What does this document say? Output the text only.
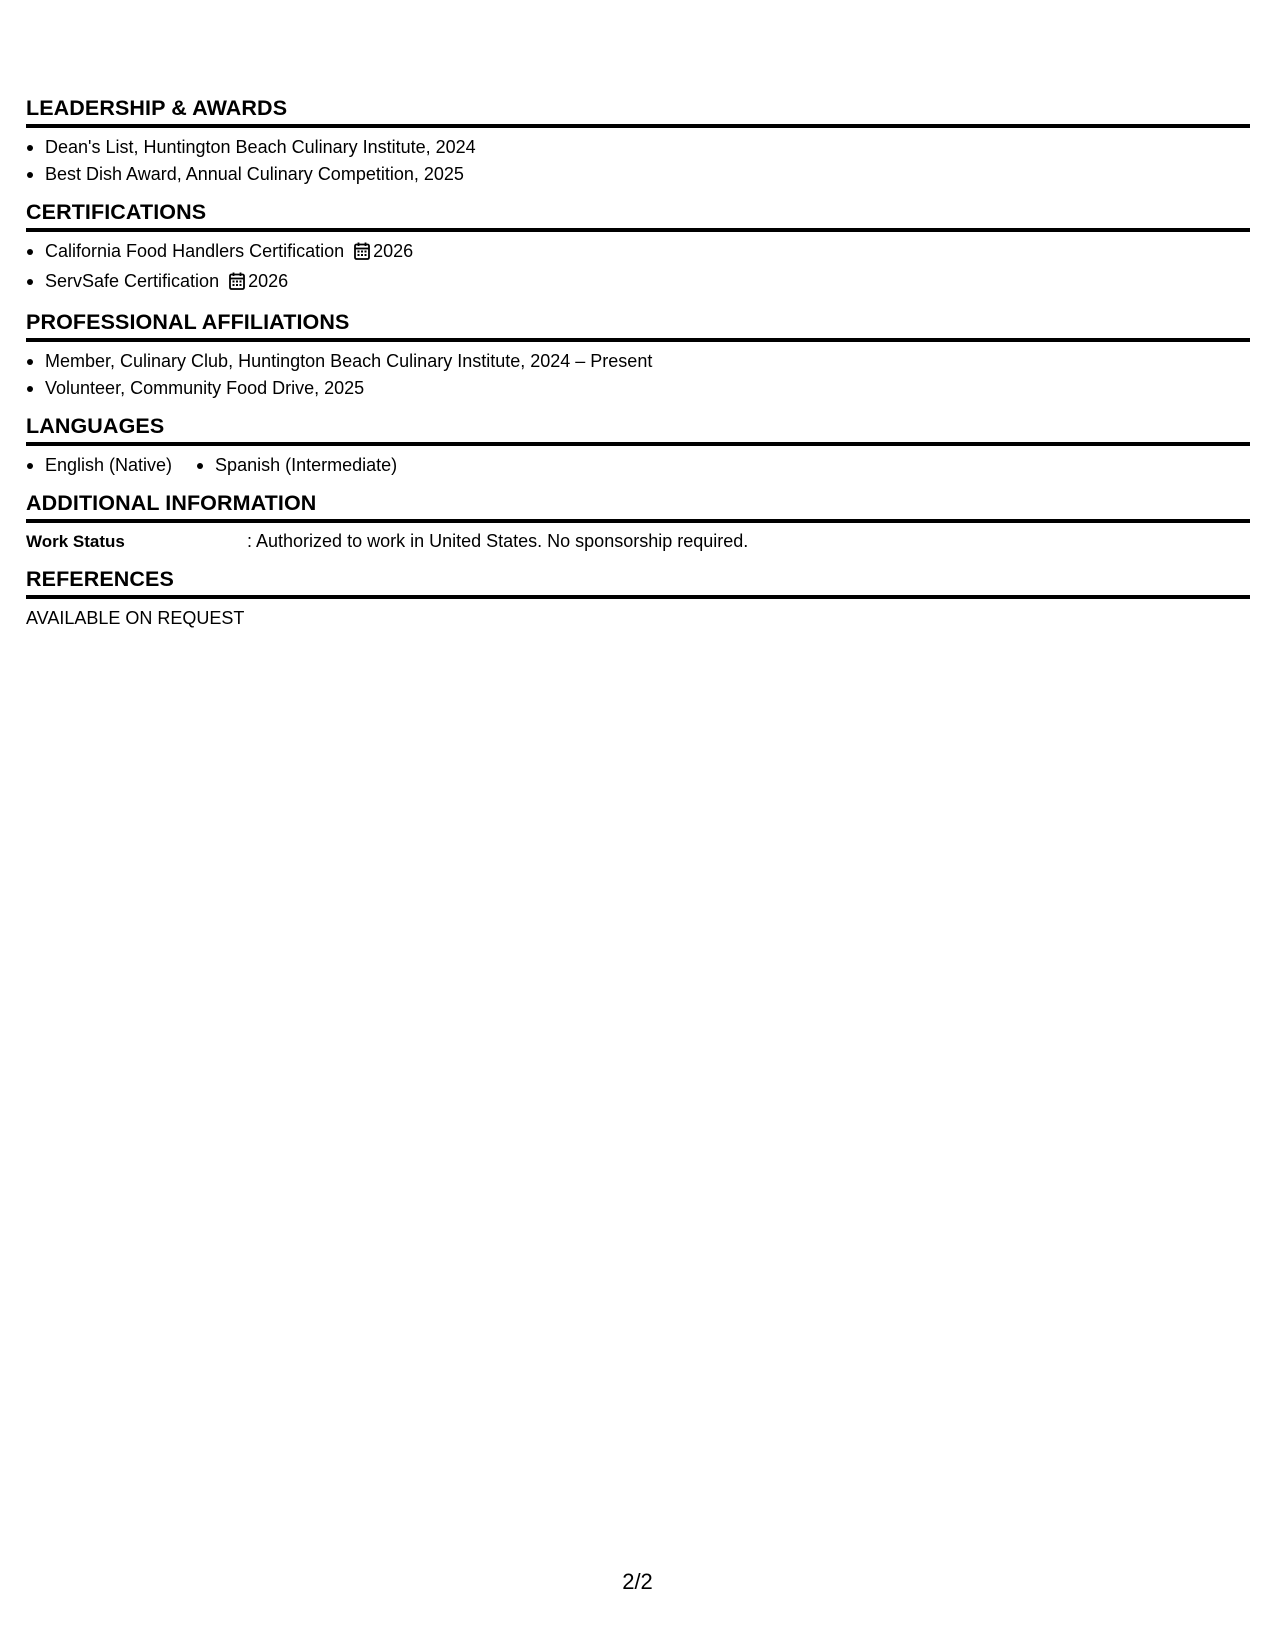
LEADERSHIP & AWARDS
Dean's List, Huntington Beach Culinary Institute, 2024
Best Dish Award, Annual Culinary Competition, 2025
CERTIFICATIONS
California Food Handlers Certification 2026
ServSafe Certification 2026
PROFESSIONAL AFFILIATIONS
Member, Culinary Club, Huntington Beach Culinary Institute, 2024 – Present
Volunteer, Community Food Drive, 2025
LANGUAGES
English (Native)	Spanish (Intermediate)
ADDITIONAL INFORMATION
Work Status	: Authorized to work in United States. No sponsorship required.
REFERENCES
AVAILABLE ON REQUEST
2/2
